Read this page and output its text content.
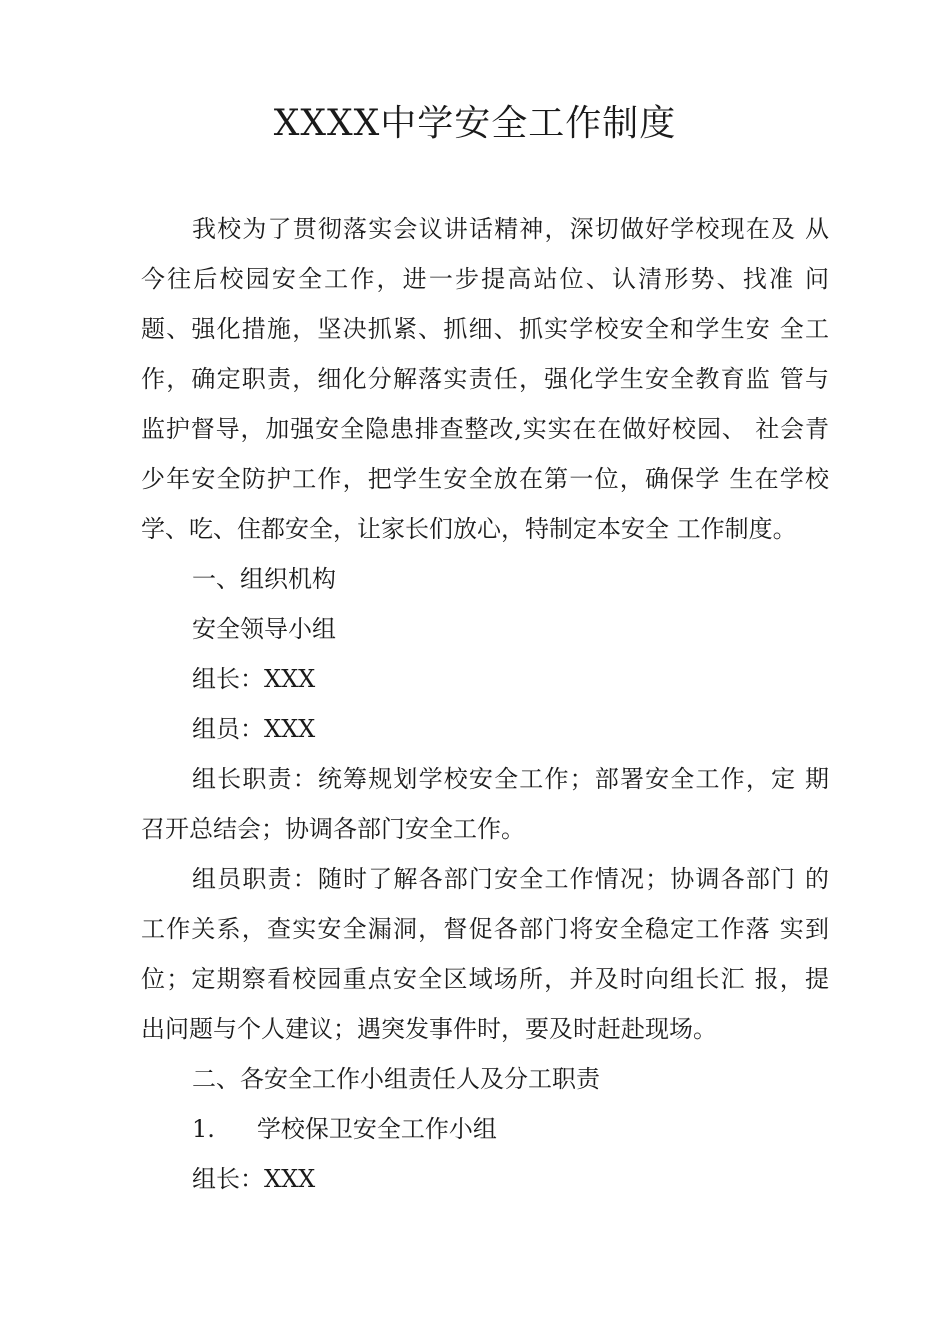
XXXX中学安全工作制度

我校为了贯彻落实会议讲话精神，深切做好学校现在及 从
今往后校园安全工作，进一步提高站位、认清形势、找准 问
题、强化措施，坚决抓紧、抓细、抓实学校安全和学生安 全工
作，确定职责，细化分解落实责任，强化学生安全教育监 管与
监护督导，加强安全隐患排查整改,实实在在做好校园、 社会青
少年安全防护工作，把学生安全放在第一位，确保学 生在学校
学、吃、住都安全，让家长们放心，特制定本安全 工作制度。

一、组织机构

安全领导小组

组长：XXX

组员：XXX

组长职责：统筹规划学校安全工作；部署安全工作，定 期
召开总结会；协调各部门安全工作。

组员职责：随时了解各部门安全工作情况；协调各部门 的
工作关系，查实安全漏洞，督促各部门将安全稳定工作落 实到
位；定期察看校园重点安全区域场所，并及时向组长汇 报，提
出问题与个人建议；遇突发事件时，要及时赶赴现场。

二、各安全工作小组责任人及分工职责

1. 学校保卫安全工作小组

组长：XXX
